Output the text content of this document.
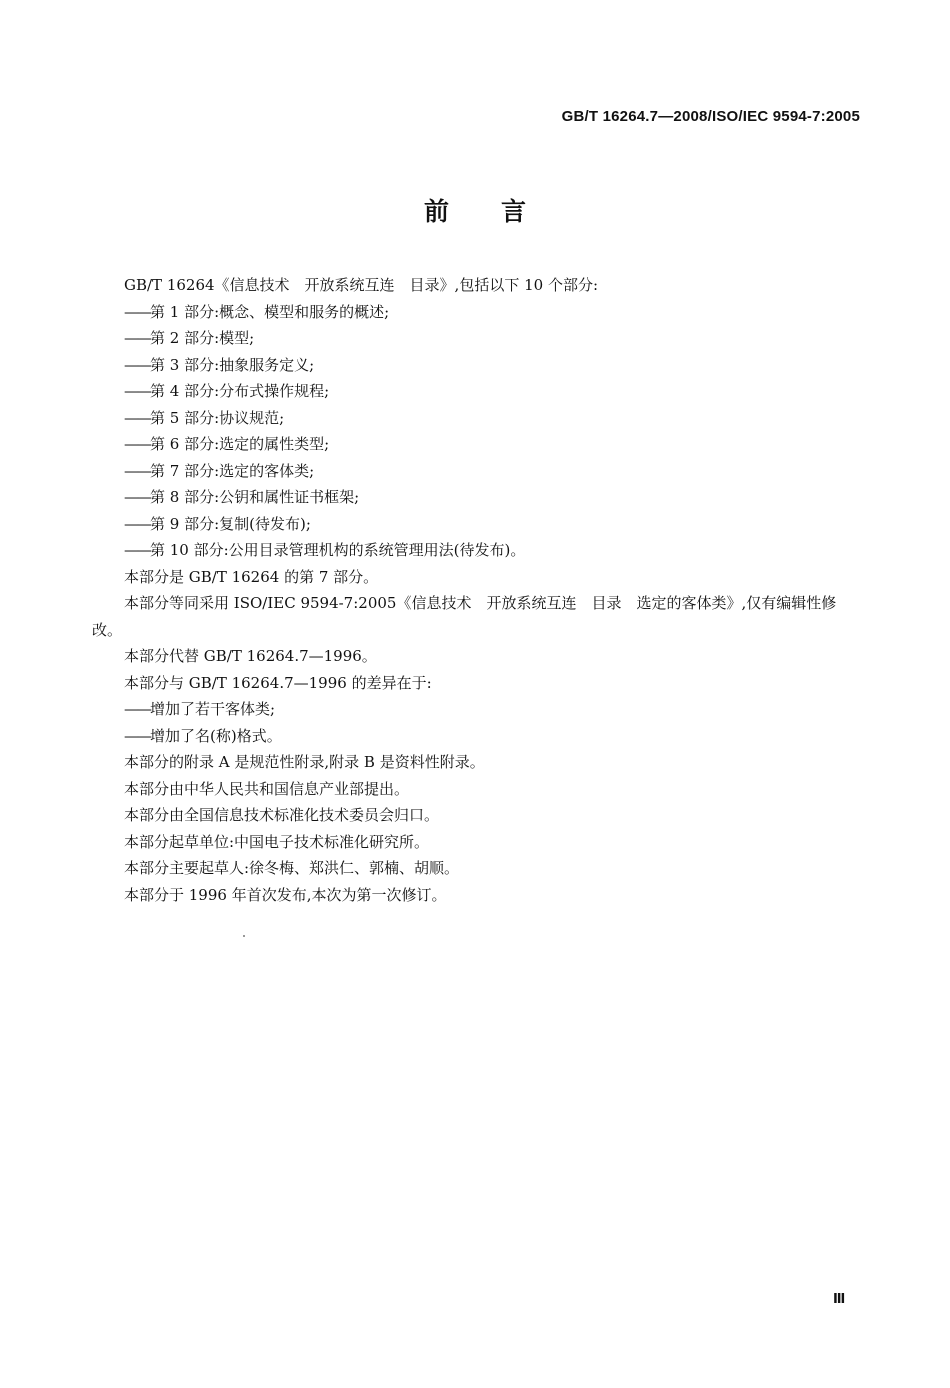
GB/T 16264.7—2008/ISO/IEC 9594-7:2005
前言

GB/T 16264《信息技术　开放系统互连　目录》,包括以下 10 个部分:

——第 1 部分:概念、模型和服务的概述;

——第 2 部分:模型;

——第 3 部分:抽象服务定义;

——第 4 部分:分布式操作规程;

——第 5 部分:协议规范;

——第 6 部分:选定的属性类型;

——第 7 部分:选定的客体类;

——第 8 部分:公钥和属性证书框架;

——第 9 部分:复制(待发布);

——第 10 部分:公用目录管理机构的系统管理用法(待发布)。

本部分是 GB/T 16264 的第 7 部分。

本部分等同采用 ISO/IEC 9594-7:2005《信息技术　开放系统互连　目录　选定的客体类》,仅有编辑性修改。

本部分代替 GB/T 16264.7—1996。

本部分与 GB/T 16264.7—1996 的差异在于:

——增加了若干客体类;

——增加了名(称)格式。

本部分的附录 A 是规范性附录,附录 B 是资料性附录。

本部分由中华人民共和国信息产业部提出。

本部分由全国信息技术标准化技术委员会归口。

本部分起草单位:中国电子技术标准化研究所。

本部分主要起草人:徐冬梅、郑洪仁、郭楠、胡顺。

本部分于 1996 年首次发布,本次为第一次修订。

Ⅲ
